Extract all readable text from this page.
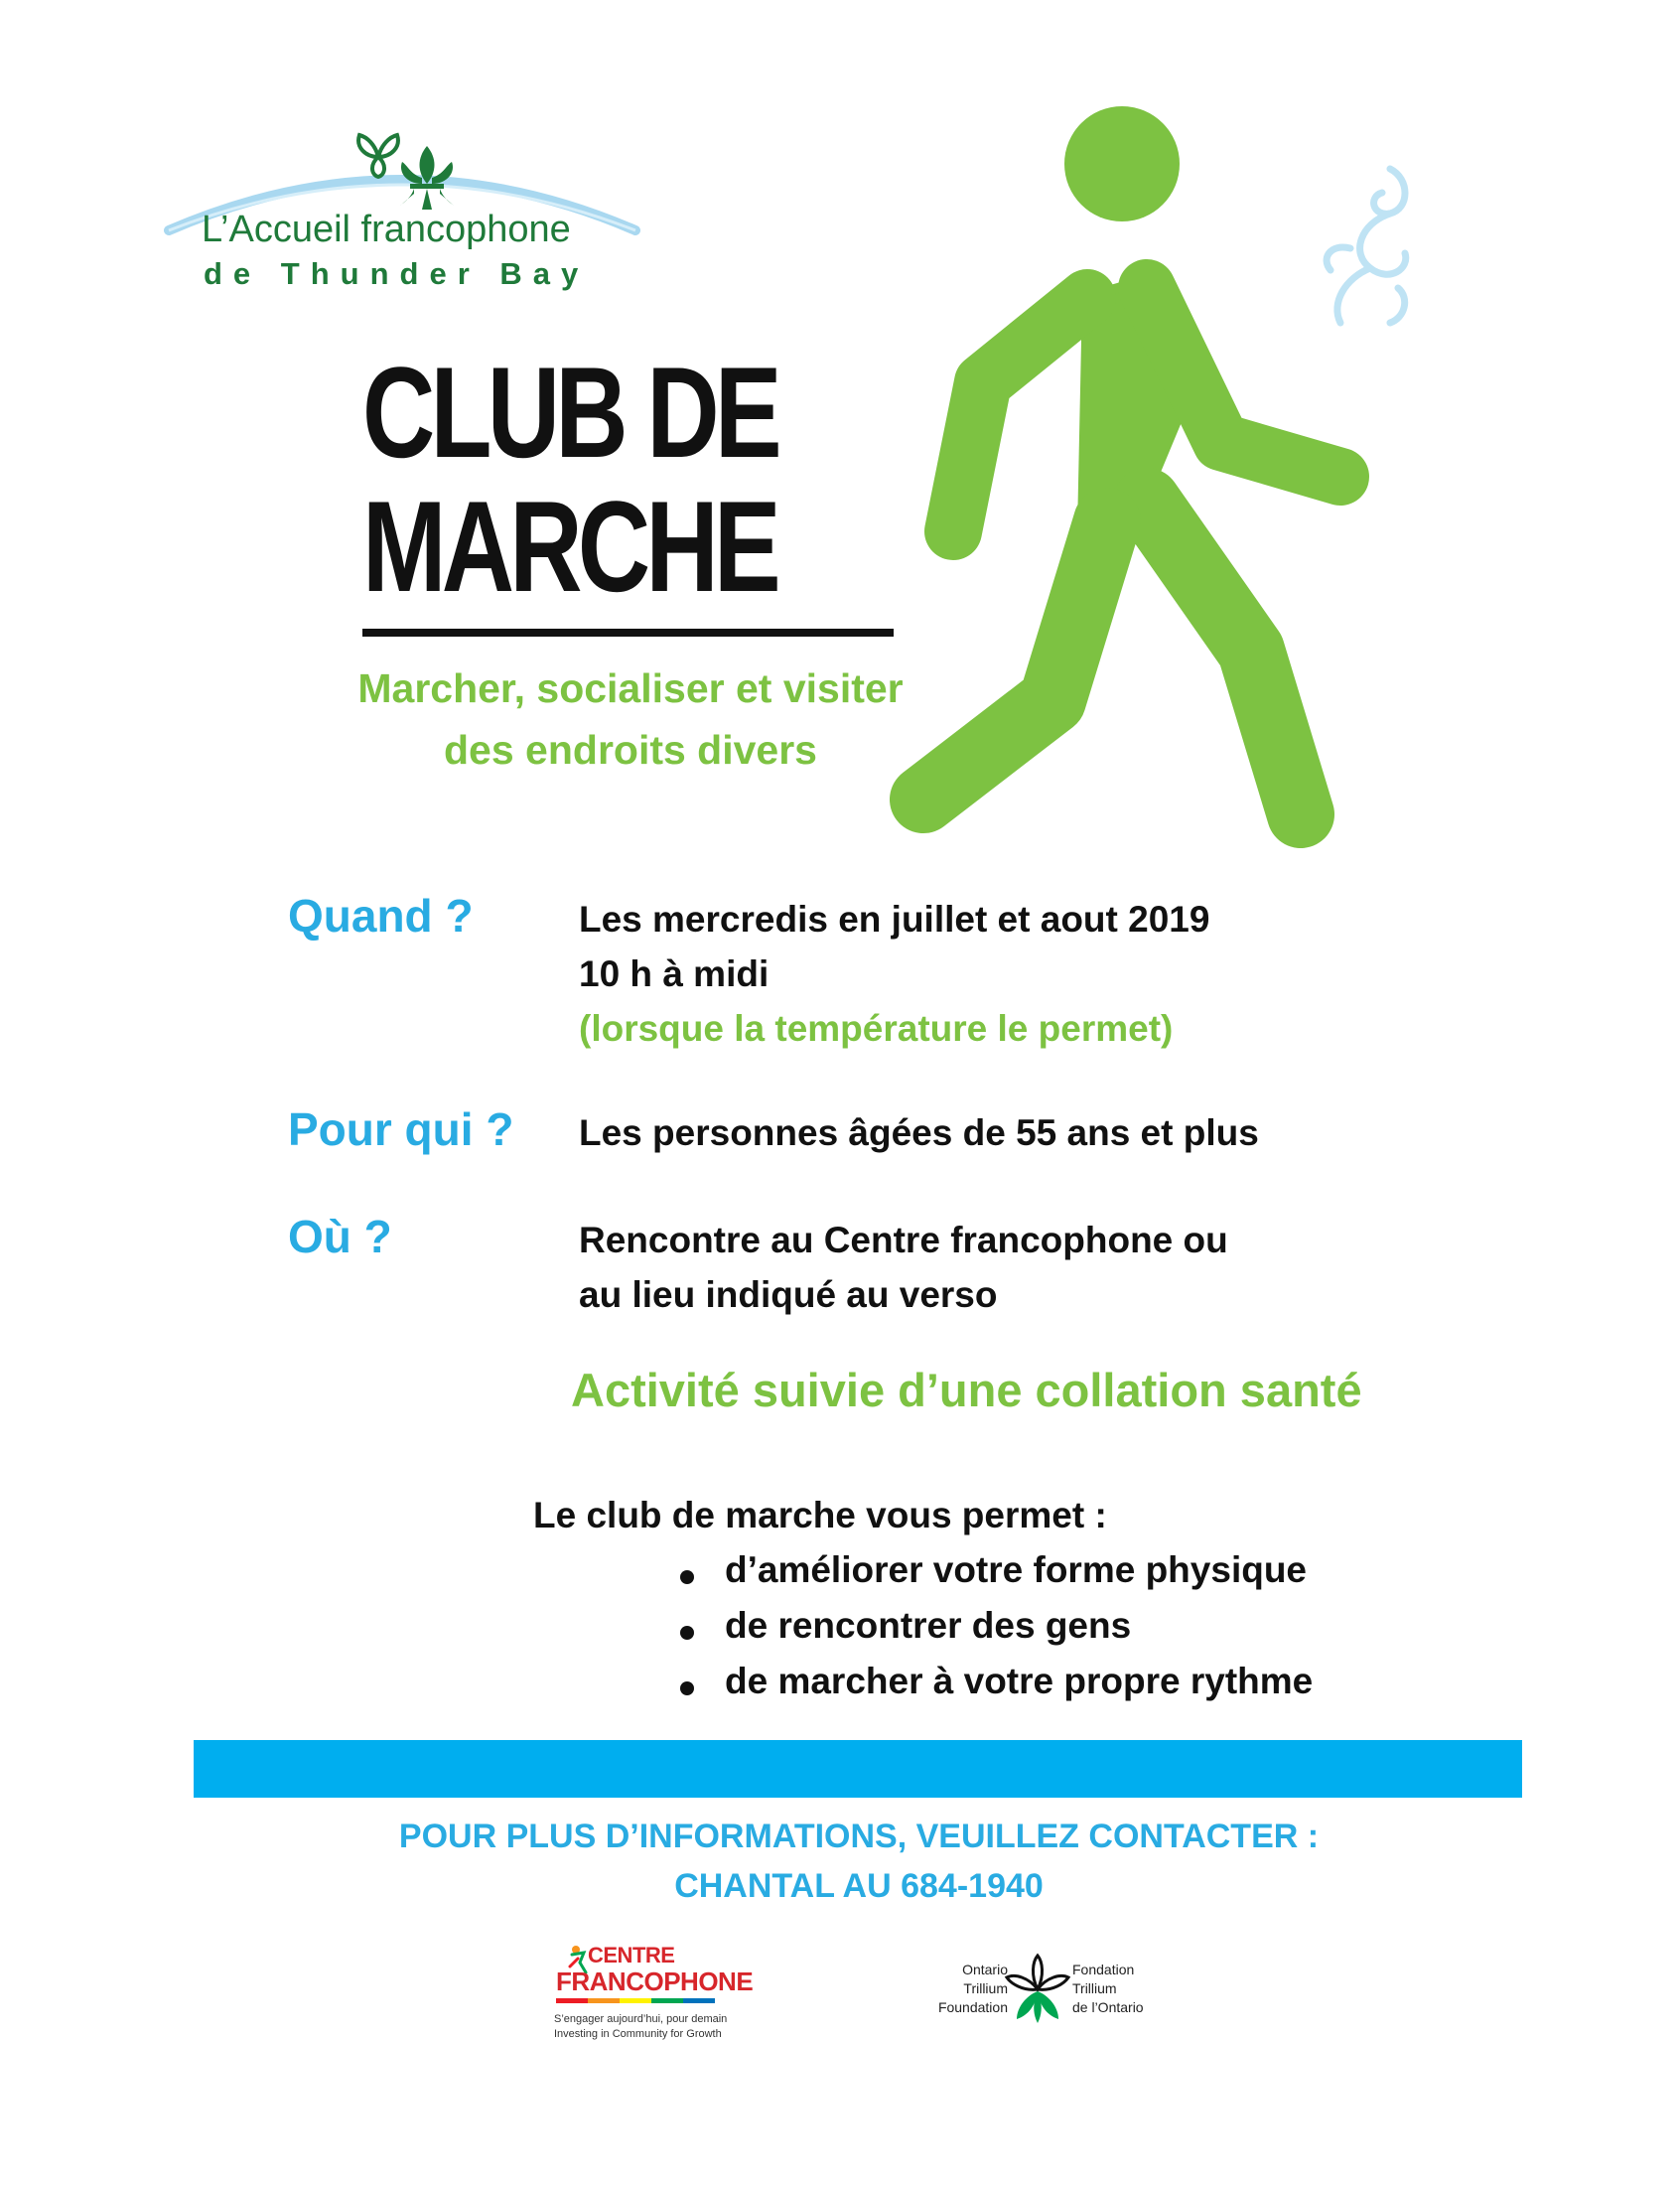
L’Accueil francophone
de Thunder Bay
CLUB DE
MARCHE
Marcher, socialiser et visiter
des endroits divers
Quand ?	Les mercredis en juillet et aout 2019
10 h à midi
(lorsque la température le permet)
Pour qui ? Les personnes âgées de 55 ans et plus
Où ?	Rencontre au Centre francophone ou
au lieu indiqué au verso
Activité suivie d’une collation santé
Le club de marche vous permet :
d’améliorer votre forme physique
de rencontrer des gens
de marcher à votre propre rythme
POUR PLUS D’INFORMATIONS, VEUILLEZ CONTACTER :
CHANTAL AU 684-1940
CENTRE
FRANCOPHONE
S’engager aujourd’hui, pour demain
Investing in Community for Growth
Ontario
Trillium
Foundation
Fondation
Trillium
de l’Ontario
